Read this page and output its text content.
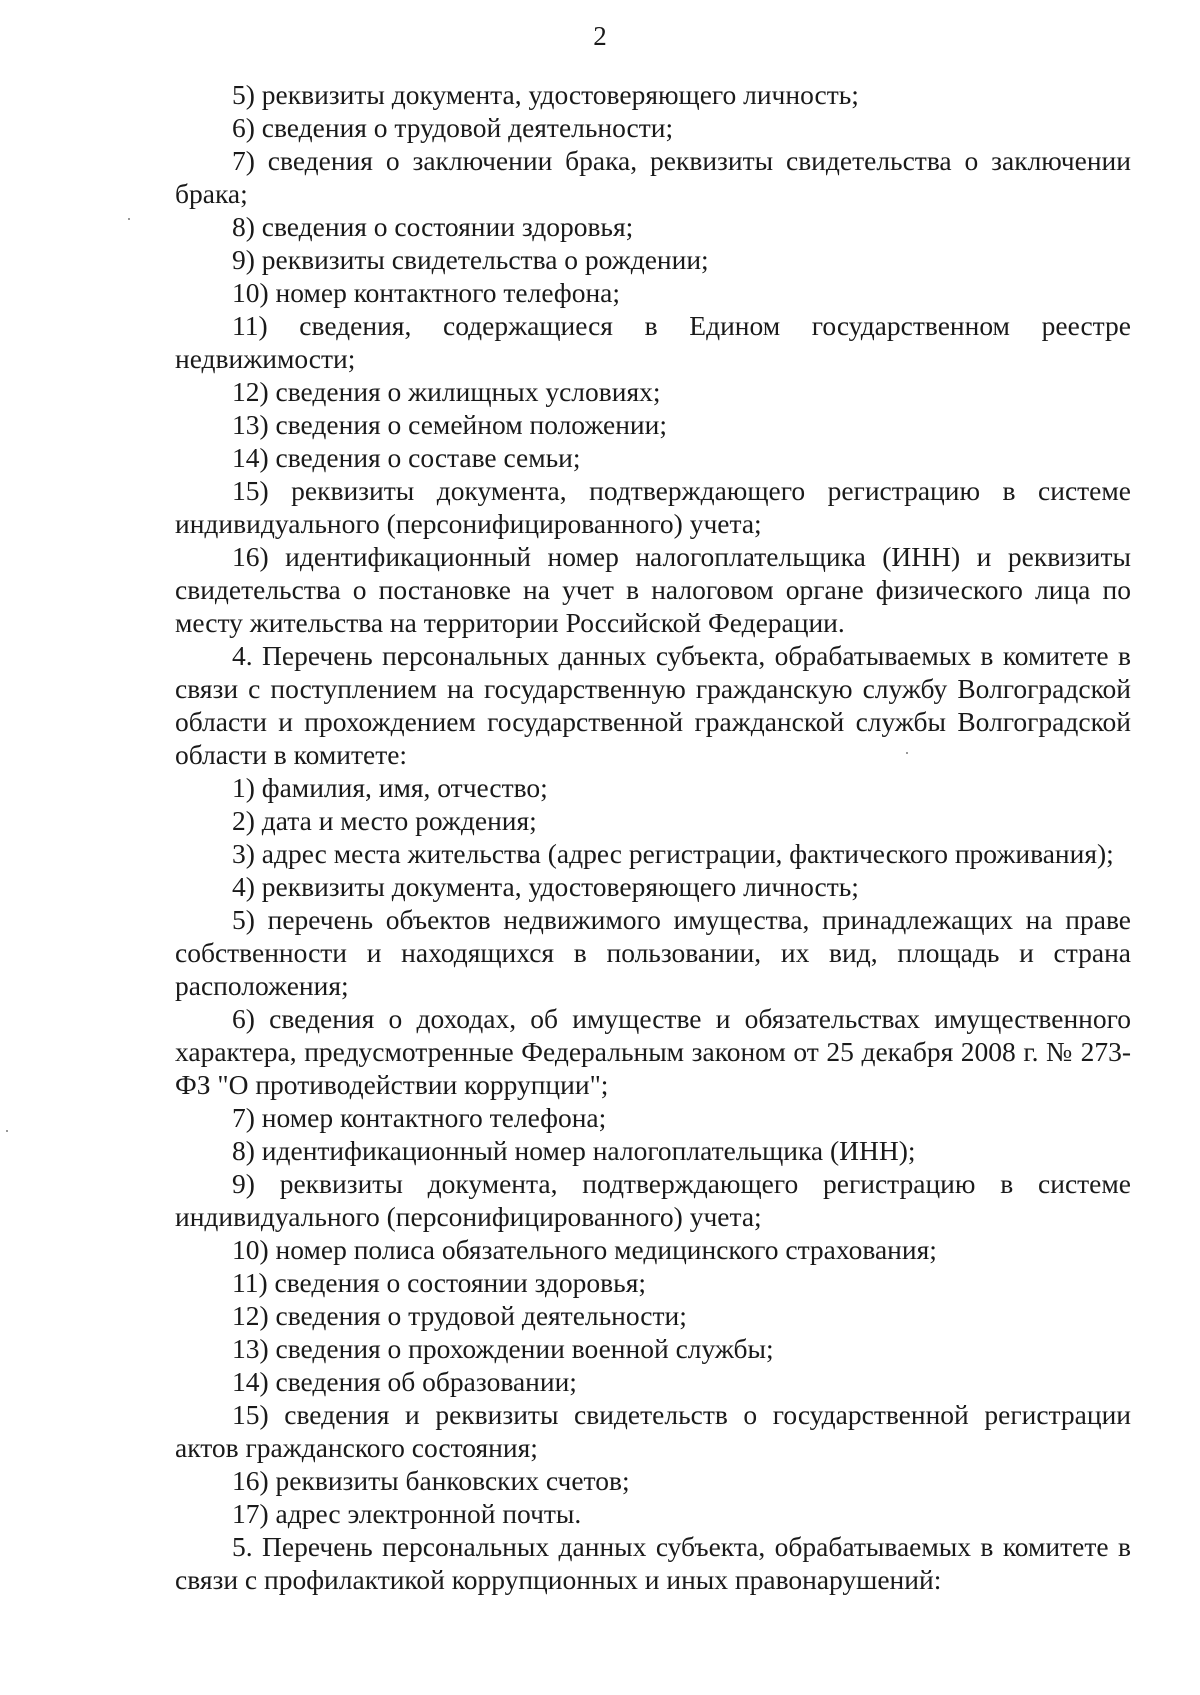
2

5) реквизиты документа, удостоверяющего личность;

6) сведения о трудовой деятельности;

7) сведения о заключении брака, реквизиты свидетельства о заключении брака;

8) сведения о состоянии здоровья;

9) реквизиты свидетельства о рождении;

10) номер контактного телефона;

11) сведения, содержащиеся в Едином государственном реестре недвижимости;

12) сведения о жилищных условиях;

13) сведения о семейном положении;

14) сведения о составе семьи;

15) реквизиты документа, подтверждающего регистрацию в системе индивидуального (персонифицированного) учета;

16) идентификационный номер налогоплательщика (ИНН) и реквизиты свидетельства о постановке на учет в налоговом органе физического лица по месту жительства на территории Российской Федерации.

4. Перечень персональных данных субъекта, обрабатываемых в комитете в связи с поступлением на государственную гражданскую службу Волгоградской области и прохождением государственной гражданской службы Волгоградской области в комитете:

1) фамилия, имя, отчество;

2) дата и место рождения;

3) адрес места жительства (адрес регистрации, фактического проживания);

4) реквизиты документа, удостоверяющего личность;

5) перечень объектов недвижимого имущества, принадлежащих на праве собственности и находящихся в пользовании, их вид, площадь и страна расположения;

6) сведения о доходах, об имуществе и обязательствах имущественного характера, предусмотренные Федеральным законом от 25 декабря 2008 г. № 273-ФЗ "О противодействии коррупции";

7) номер контактного телефона;

8) идентификационный номер налогоплательщика (ИНН);

9) реквизиты документа, подтверждающего регистрацию в системе индивидуального (персонифицированного) учета;

10) номер полиса обязательного медицинского страхования;

11) сведения о состоянии здоровья;

12) сведения о трудовой деятельности;

13) сведения о прохождении военной службы;

14) сведения об образовании;

15) сведения и реквизиты свидетельств о государственной регистрации актов гражданского состояния;

16) реквизиты банковских счетов;

17) адрес электронной почты.

5. Перечень персональных данных субъекта, обрабатываемых в комитете в связи с профилактикой коррупционных и иных правонарушений:
